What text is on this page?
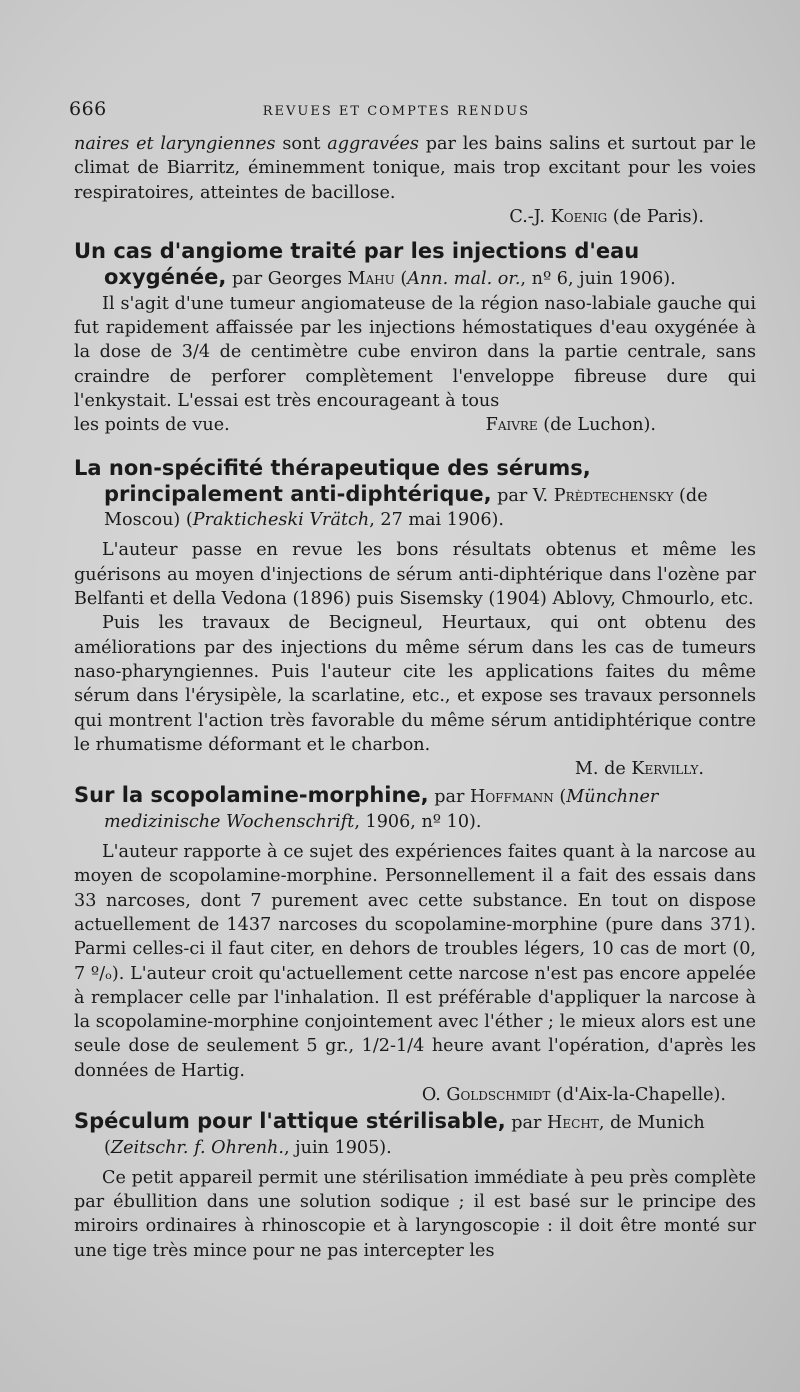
666	REVUES ET COMPTES RENDUS

naires et laryngiennes sont aggravées par les bains salins et surtout par le climat de Biarritz, éminemment tonique, mais trop excitant pour les voies respiratoires, atteintes de bacillose.

C.-J. Koenig (de Paris).

Un cas d'angiome traité par les injections d'eau oxygénée, par Georges Mahu (Ann. mal. or., nº 6, juin 1906).

Il s'agit d'une tumeur angiomateuse de la région naso-labiale gauche qui fut rapidement affaissée par les injections hémostatiques d'eau oxygénée à la dose de 3/4 de centimètre cube environ dans la partie centrale, sans craindre de perforer complètement l'enveloppe fibreuse dure qui l'enkystait. L'essai est très encourageant à tous

les points de vue.	Faivre (de Luchon).

La non-spécifité thérapeutique des sérums, principalement anti-diphtérique, par V. Prèdtechensky (de Moscou) (Prakticheski Vrätch, 27 mai 1906).

L'auteur passe en revue les bons résultats obtenus et même les guérisons au moyen d'injections de sérum anti-diphtérique dans l'ozène par Belfanti et della Vedona (1896) puis Sisemsky (1904) Ablovy, Chmourlo, etc.

Puis les travaux de Becigneul, Heurtaux, qui ont obtenu des améliorations par des injections du même sérum dans les cas de tumeurs naso-pharyngiennes. Puis l'auteur cite les applications faites du même sérum dans l'érysipèle, la scarlatine, etc., et expose ses travaux personnels qui montrent l'action très favorable du même sérum antidiphtérique contre le rhumatisme déformant et le charbon.

M. de Kervilly.

Sur la scopolamine-morphine, par Hoffmann (Münchner medizinische Wochenschrift, 1906, nº 10).

L'auteur rapporte à ce sujet des expériences faites quant à la narcose au moyen de scopolamine-morphine. Personnellement il a fait des essais dans 33 narcoses, dont 7 purement avec cette substance. En tout on dispose actuellement de 1437 narcoses du scopolamine-morphine (pure dans 371). Parmi celles-ci il faut citer, en dehors de troubles légers, 10 cas de mort (0, 7 º/ₒ). L'auteur croit qu'actuellement cette narcose n'est pas encore appelée à remplacer celle par l'inhalation. Il est préférable d'appliquer la narcose à la scopolamine-morphine conjointement avec l'éther ; le mieux alors est une seule dose de seulement 5 gr., 1/2-1/4 heure avant l'opération, d'après les données de Hartig.

O. Goldschmidt (d'Aix-la-Chapelle).

Spéculum pour l'attique stérilisable, par Hecht, de Munich (Zeitschr. f. Ohrenh., juin 1905).

Ce petit appareil permit une stérilisation immédiate à peu près complète par ébullition dans une solution sodique ; il est basé sur le principe des miroirs ordinaires à rhinoscopie et à laryngoscopie : il doit être monté sur une tige très mince pour ne pas intercepter les
